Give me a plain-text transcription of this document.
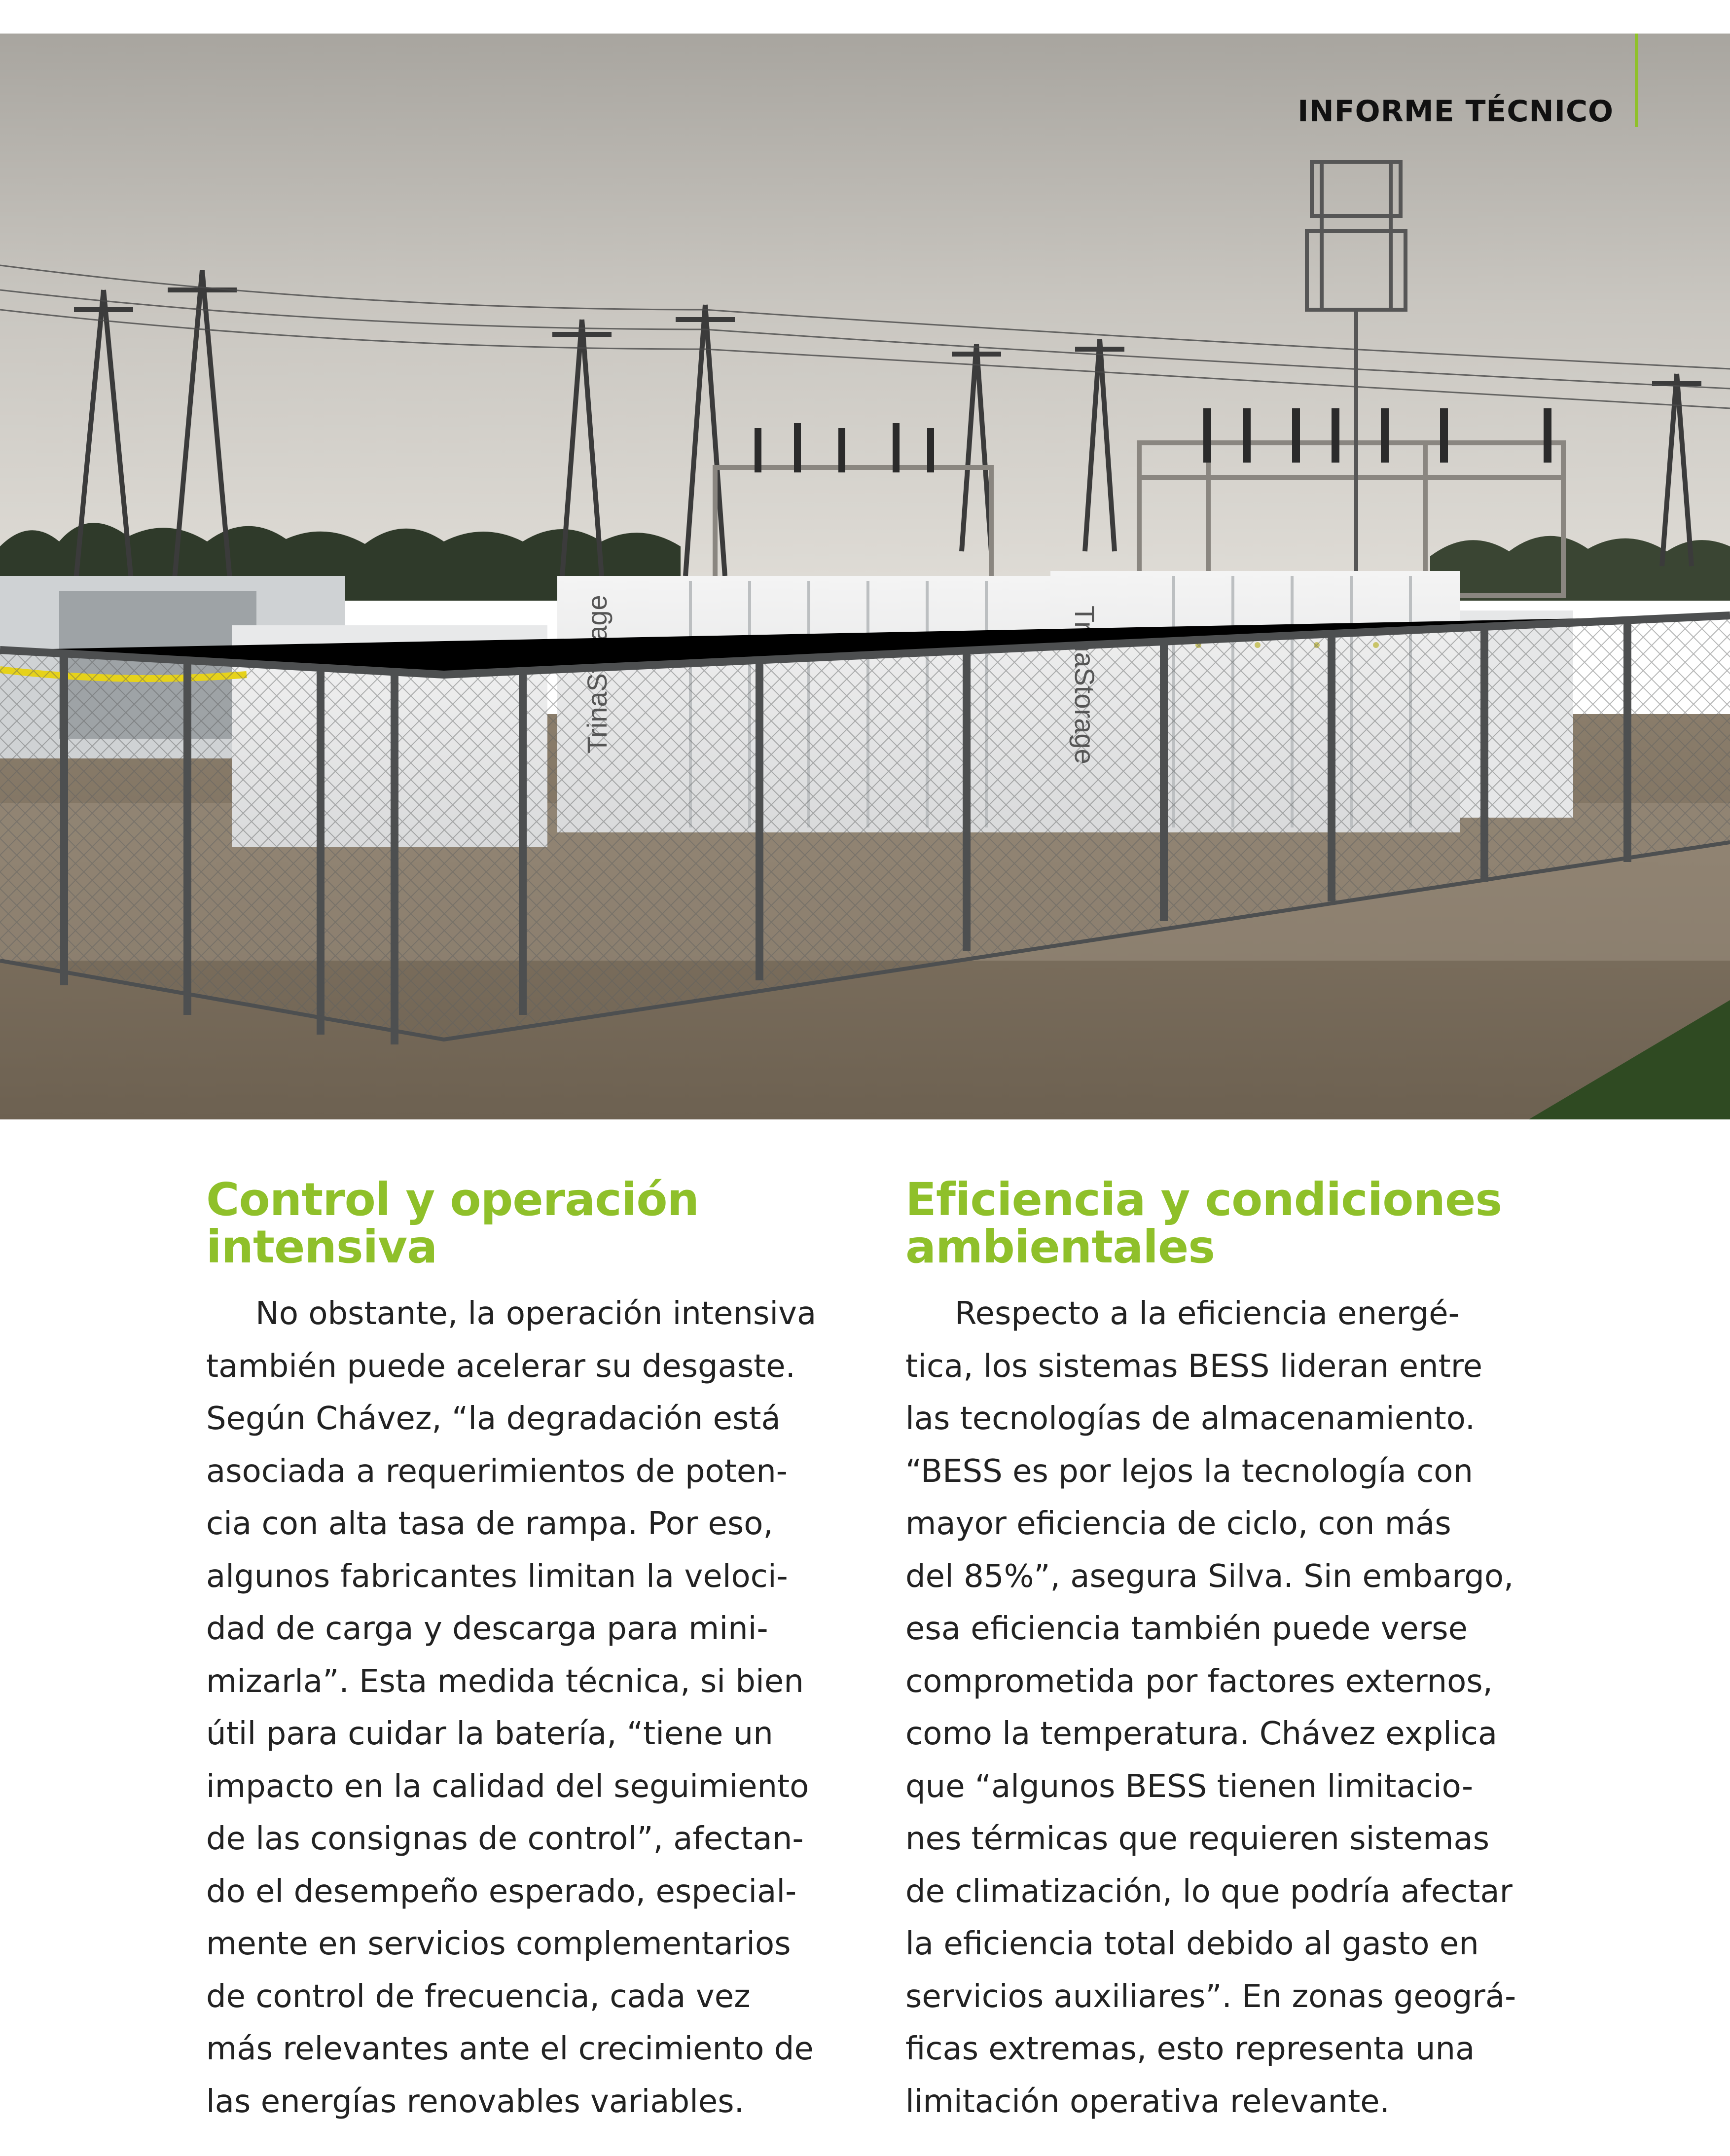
INFORME TÉCNICO
Control y operación
intensiva

No obstante, la operación intensiva
también puede acelerar su desgaste.
Según Chávez, “la degradación está
asociada a requerimientos de poten-
cia con alta tasa de rampa. Por eso,
algunos fabricantes limitan la veloci-
dad de carga y descarga para mini-
mizarla”. Esta medida técnica, si bien
útil para cuidar la batería, “tiene un
impacto en la calidad del seguimiento
de las consignas de control”, afectan-
do el desempeño esperado, especial-
mente en servicios complementarios
de control de frecuencia, cada vez
más relevantes ante el crecimiento de
las energías renovables variables.

Eficiencia y condiciones
ambientales

Respecto a la eficiencia energé-
tica, los sistemas BESS lideran entre
las tecnologías de almacenamiento.
“BESS es por lejos la tecnología con
mayor eficiencia de ciclo, con más
del 85%”, asegura Silva. Sin embargo,
esa eficiencia también puede verse
comprometida por factores externos,
como la temperatura. Chávez explica
que “algunos BESS tienen limitacio-
nes térmicas que requieren sistemas
de climatización, lo que podría afectar
la eficiencia total debido al gasto en
servicios auxiliares”. En zonas geográ-
ficas extremas, esto representa una
limitación operativa relevante.
